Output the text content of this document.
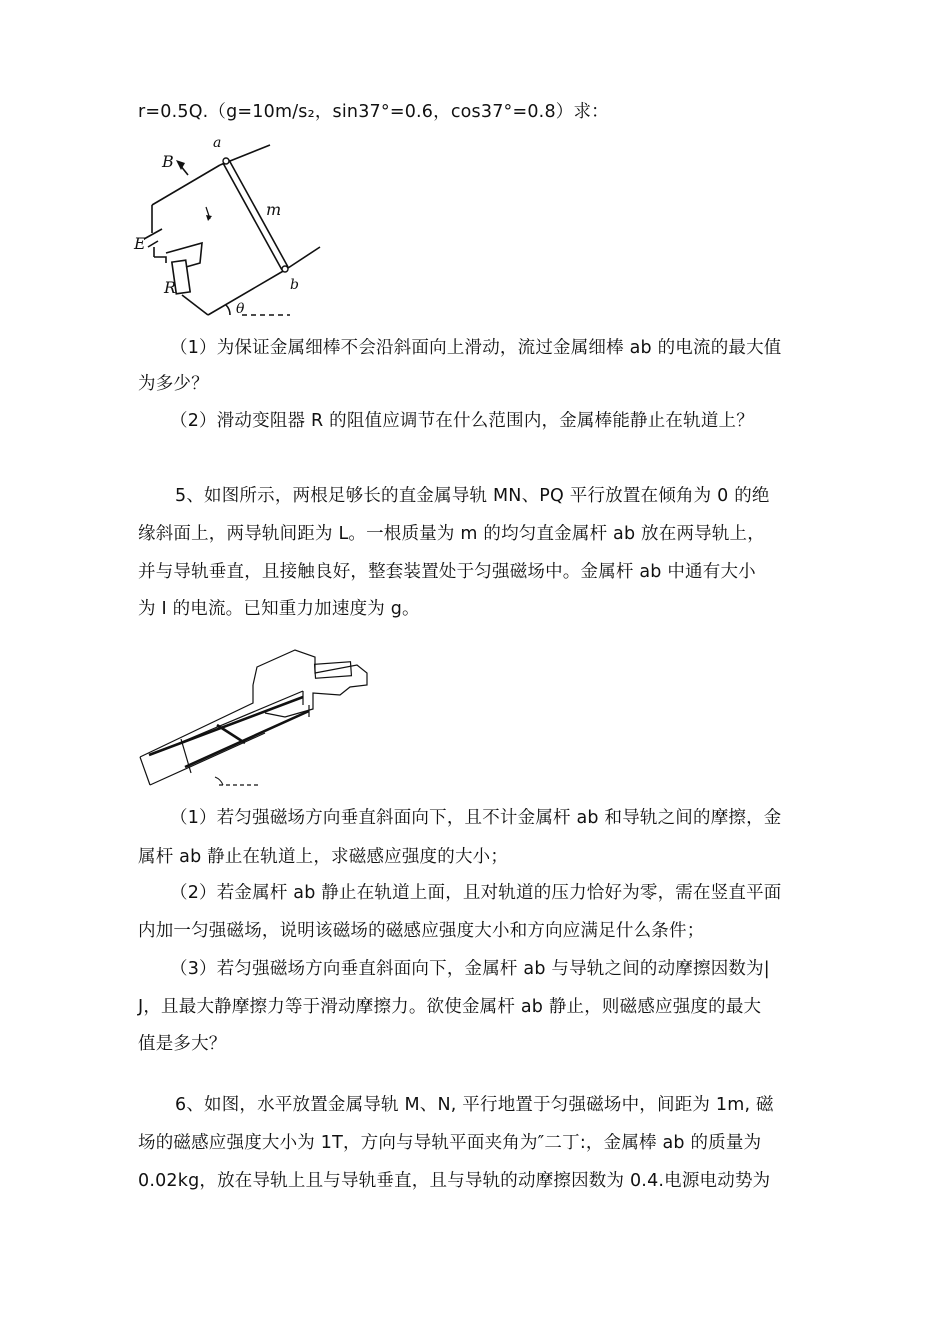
r=0.5Q.（g=10m/s₂，sin37°=0.6，cos37°=0.8）求：
B
a
m
E
R	b
θ
（1）为保证金属细棒不会沿斜面向上滑动，流过金属细棒 ab 的电流的最大值
为多少？
（2）滑动变阻器 R 的阻值应调节在什么范围内，金属棒能静止在轨道上？
5、如图所示，两根足够长的直金属导轨 MN、PQ 平行放置在倾角为 0 的绝
缘斜面上，两导轨间距为 L。一根质量为 m 的均匀直金属杆 ab 放在两导轨上，
并与导轨垂直，且接触良好，整套装置处于匀强磁场中。金属杆 ab 中通有大小
为 I 的电流。已知重力加速度为 g。
（1）若匀强磁场方向垂直斜面向下，且不计金属杆 ab 和导轨之间的摩擦，金
属杆 ab 静止在轨道上，求磁感应强度的大小；
（2）若金属杆 ab 静止在轨道上面，且对轨道的压力恰好为零，需在竖直平面
内加一匀强磁场，说明该磁场的磁感应强度大小和方向应满足什么条件；
（3）若匀强磁场方向垂直斜面向下，金属杆 ab 与导轨之间的动摩擦因数为|
J，且最大静摩擦力等于滑动摩擦力。欲使金属杆 ab 静止，则磁感应强度的最大
值是多大？
6、如图，水平放置金属导轨 M、N, 平行地置于匀强磁场中，间距为 1m, 磁
场的磁感应强度大小为 1T，方向与导轨平面夹角为″二丁:，金属棒 ab 的质量为
0.02kg，放在导轨上且与导轨垂直，且与导轨的动摩擦因数为 0.4.电源电动势为
